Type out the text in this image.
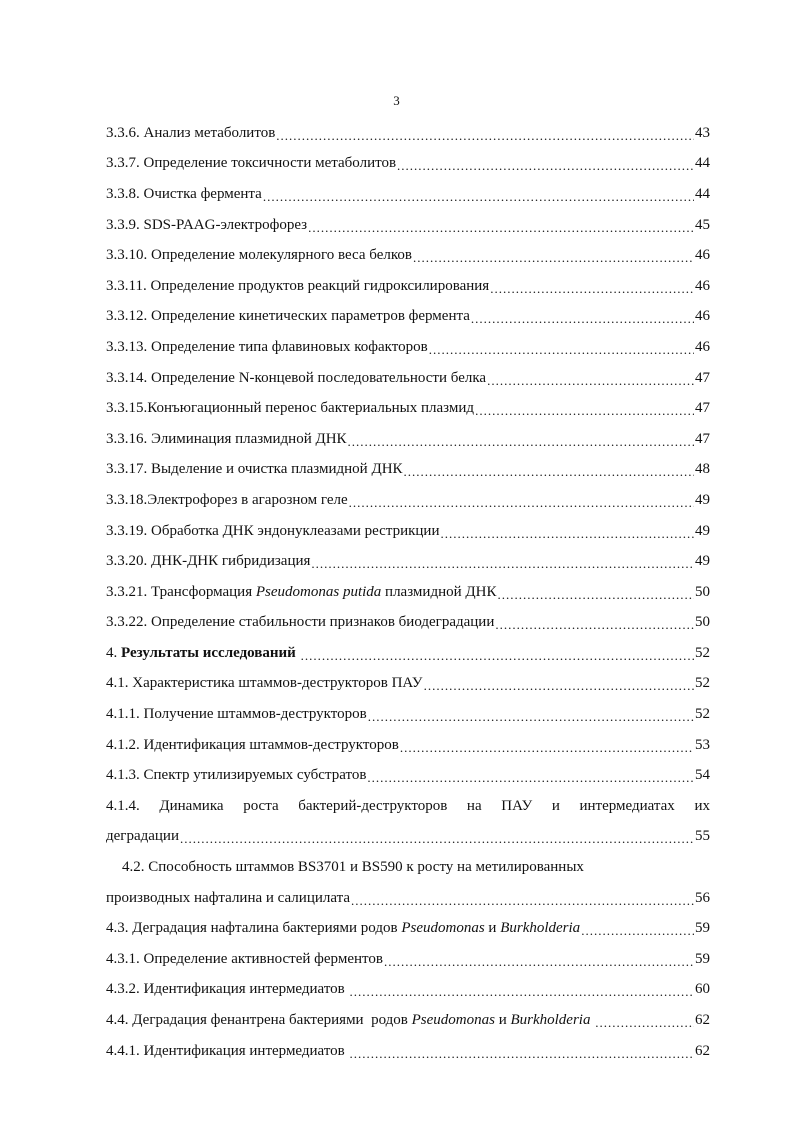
3
3.3.6. Анализ метаболитов .....	43
3.3.7. Определение токсичности метаболитов .....	44
3.3.8. Очистка фермента .....	44
3.3.9. SDS-PAAG-электрофорез .....	45
3.3.10. Определение молекулярного веса белков .....	46
3.3.11. Определение продуктов реакций гидроксилирования .....	46
3.3.12. Определение кинетических параметров фермента .....	46
3.3.13. Определение типа флавиновых кофакторов .....	46
3.3.14. Определение N-концевой последовательности белка .....	47
3.3.15.Конъюгационный перенос бактериальных плазмид .....	47
3.3.16. Элиминация плазмидной ДНК .....	47
3.3.17. Выделение и очистка плазмидной ДНК .....	48
3.3.18.Электрофорез в агарозном геле .....	49
3.3.19. Обработка ДНК эндонуклеазами рестрикции .....	49
3.3.20. ДНК-ДНК гибридизация .....	49
3.3.21. Трансформация Pseudomonas putida плазмидной ДНК .....	50
3.3.22. Определение стабильности признаков биодеградации .....	50
4. Результаты исследований .....	52
4.1. Характеристика штаммов-деструкторов ПАУ .....	52
4.1.1. Получение штаммов-деструкторов .....	52
4.1.2. Идентификация штаммов-деструкторов .....	53
4.1.3. Спектр утилизируемых субстратов .....	54
4.1.4. Динамика роста бактерий-деструкторов на ПАУ и интермедиатах их
деградации .....	55
4.2. Способность штаммов BS3701 и BS590 к росту на метилированных
производных нафталина и салицилата .....	56
4.3. Деградация нафталина бактериями родов Pseudomonas и Burkholderia .....	59
4.3.1. Определение активностей ферментов .....	59
4.3.2. Идентификация интермедиатов .....	60
4.4. Деградация фенантрена бактериями  родов Pseudomonas и Burkholderia .....	62
4.4.1. Идентификация интермедиатов .....	62
